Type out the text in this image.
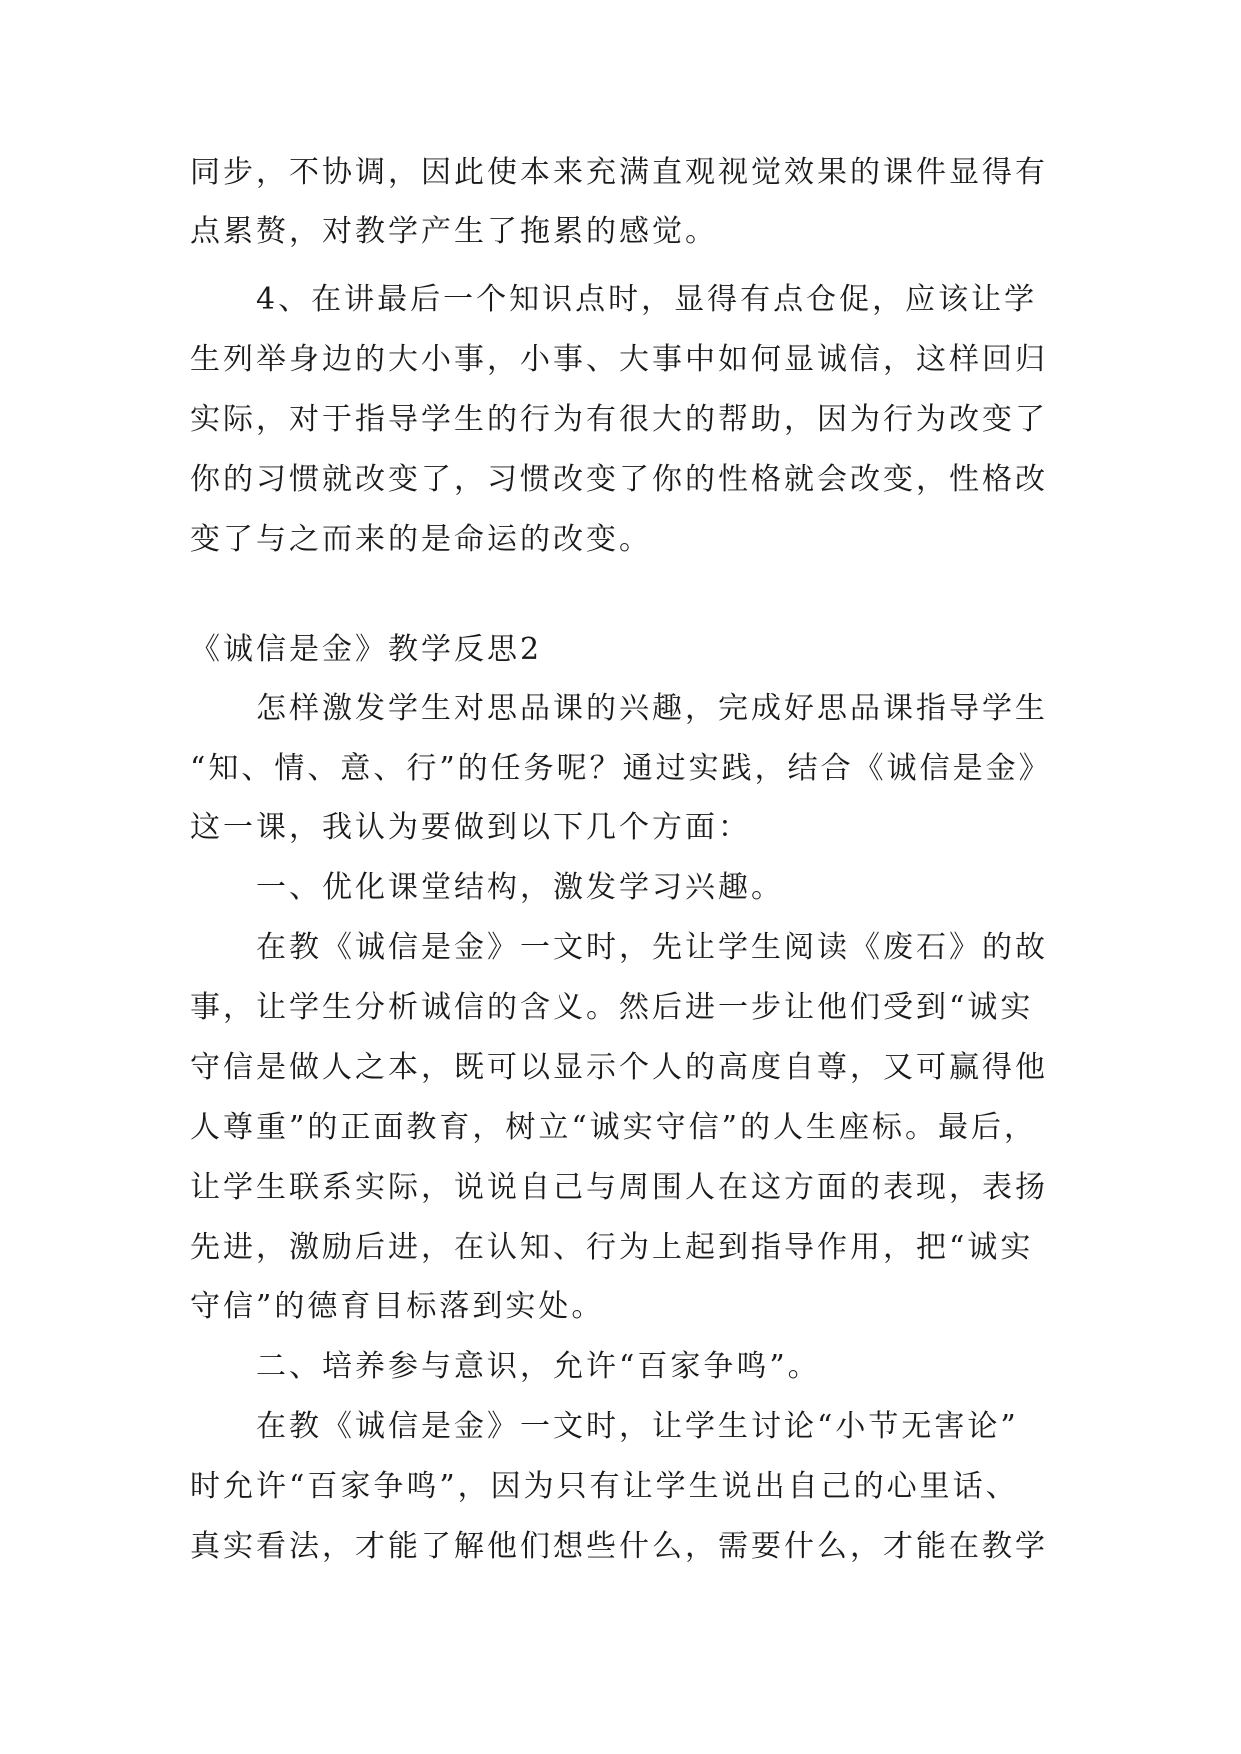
同步，不协调，因此使本来充满直观视觉效果的课件显得有
点累赘，对教学产生了拖累的感觉。
　　4、在讲最后一个知识点时，显得有点仓促，应该让学
生列举身边的大小事，小事、大事中如何显诚信，这样回归
实际，对于指导学生的行为有很大的帮助，因为行为改变了
你的习惯就改变了，习惯改变了你的性格就会改变，性格改
变了与之而来的是命运的改变。
《诚信是金》教学反思2
　　怎样激发学生对思品课的兴趣，完成好思品课指导学生
“知、情、意、行”的任务呢？通过实践，结合《诚信是金》
这一课，我认为要做到以下几个方面：
　　一、优化课堂结构，激发学习兴趣。
　　在教《诚信是金》一文时，先让学生阅读《废石》的故
事，让学生分析诚信的含义。然后进一步让他们受到“诚实
守信是做人之本，既可以显示个人的高度自尊，又可赢得他
人尊重”的正面教育，树立“诚实守信”的人生座标。最后，
让学生联系实际，说说自己与周围人在这方面的表现，表扬
先进，激励后进，在认知、行为上起到指导作用，把“诚实
守信”的德育目标落到实处。
　　二、培养参与意识，允许“百家争鸣”。
　　在教《诚信是金》一文时，让学生讨论“小节无害论”
时允许“百家争鸣”，因为只有让学生说出自己的心里话、
真实看法，才能了解他们想些什么，需要什么，才能在教学
